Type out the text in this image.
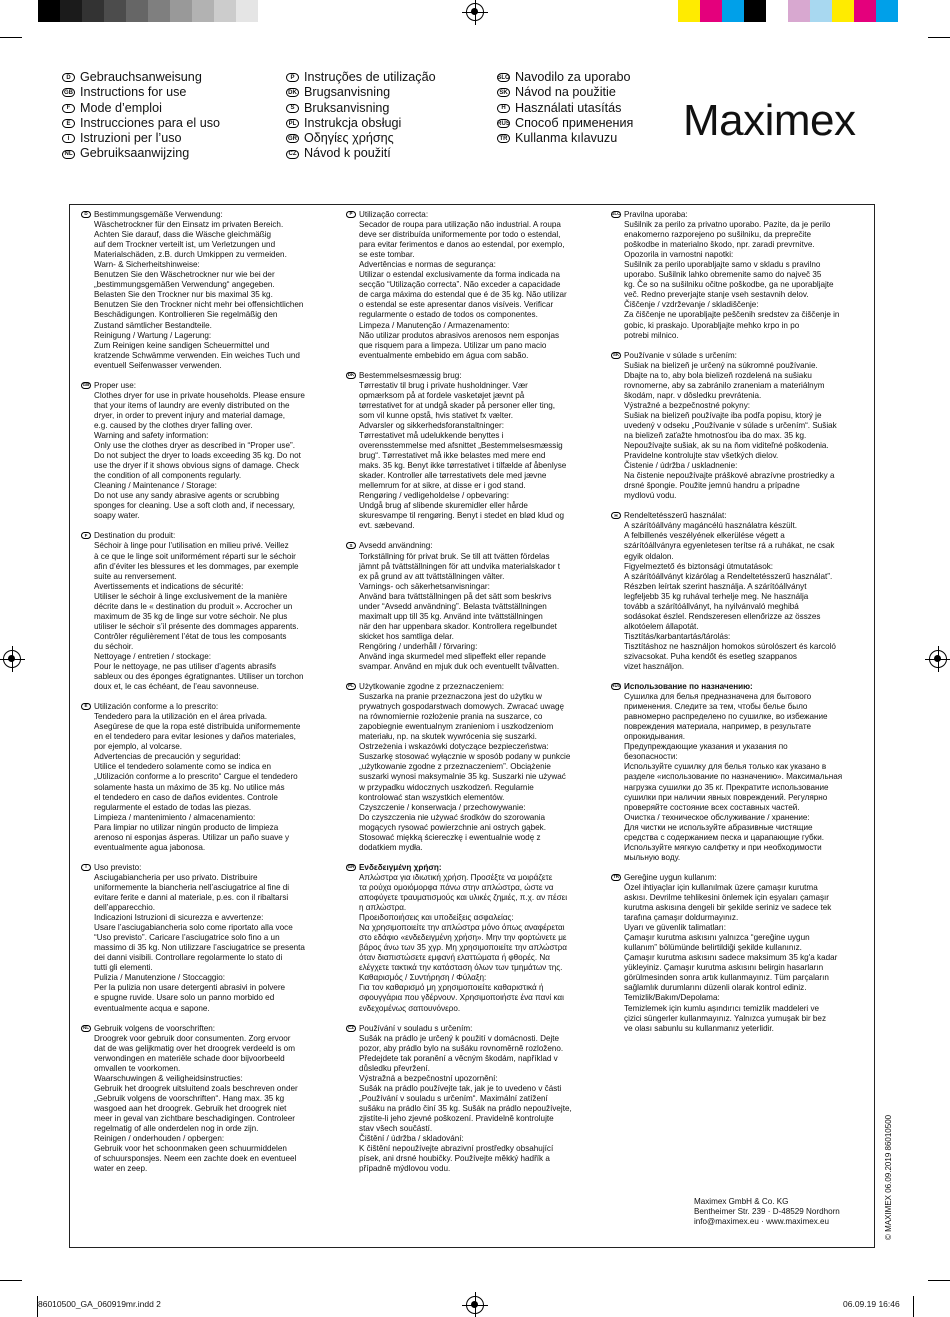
D Gebrauchsanweisung
GB Instructions for use
F Mode d’emploi
E Instrucciones para el uso
I Istruzioni per l’uso
NL Gebruiksaanwijzing
P Instruções de utilização
DK Brugsanvisning
S Bruksanvisning
PL Instrukcja obsługi
GR Οδηγίες χρήσης
CZ Návod k použití
SLO Navodilo za uporabo
SK Návod na použitie
H Használati utasítás
RUS Способ применения
TR Kullanma kılavuzu Maximex
D Bestimmungsgemäße Verwendung:
Wäschetrockner für den Einsatz im privaten Bereich.
Achten Sie darauf, dass die Wäsche gleichmäßig
auf dem Trockner verteilt ist, um Verletzungen und
Materialschäden, z.B. durch Umkippen zu vermeiden.
Warn- & Sicherheitshinweise:
Benutzen Sie den Wäschetrockner nur wie bei der
„bestimmungsgemäßen Verwendung“ angegeben.
Belasten Sie den Trockner nur bis maximal 35 kg.
Benutzen Sie den Trockner nicht mehr bei offensichtlichen
Beschädigungen. Kontrollieren Sie regelmäßig den
Zustand sämtlicher Bestandteile.
Reinigung / Wartung / Lagerung:
Zum Reinigen keine sandigen Scheuermittel und
kratzende Schwämme verwenden. Ein weiches Tuch und
eventuell Seifenwasser verwenden.
GB Proper use:
Clothes dryer for use in private households. Please ensure
that your items of laundry are evenly distributed on the
dryer, in order to prevent injury and material damage,
e.g. caused by the clothes dryer falling over.
Warning and safety information:
Only use the clothes dryer as described in “Proper use”.
Do not subject the dryer to loads exceeding 35 kg. Do not
use the dryer if it shows obvious signs of damage. Check
the condition of all components regularly.
Cleaning / Maintenance / Storage:
Do not use any sandy abrasive agents or scrubbing
sponges for cleaning. Use a soft cloth and, if necessary,
soapy water.
F Destination du produit:
Séchoir à linge pour l’utilisation en milieu privé. Veillez
à ce que le linge soit uniformément réparti sur le séchoir
afin d’éviter les blessures et les dommages, par exemple
suite au renversement.
Avertissements et indications de sécurité:
Utiliser le séchoir à linge exclusivement de la manière
décrite dans le « destination du produit ». Accrocher un
maximum de 35 kg de linge sur votre séchoir. Ne plus
utiliser le séchoir s’il présente des dommages apparents.
Contrôler régulièrement l’état de tous les composants
du séchoir.
Nettoyage / entretien / stockage:
Pour le nettoyage, ne pas utiliser d’agents abrasifs
sableux ou des éponges égratignantes. Utiliser un torchon
doux et, le cas échéant, de l’eau savonneuse.
E Utilización conforme a lo prescrito:
Tendedero para la utilización en el área privada.
Asegúrese de que la ropa esté distribuida uniformemente
en el tendedero para evitar lesiones y daños materiales,
por ejemplo, al volcarse.
Advertencias de precaución y seguridad:
Utilice el tendedero solamente como se indica en
„Utilización conforme a lo prescrito“ Cargue el tendedero
solamente hasta un máximo de 35 kg. No utilice más
el tendedero en caso de daños evidentes. Controle
regularmente el estado de todas las piezas.
Limpieza / mantenimiento / almacenamiento:
Para limpiar no utilizar ningún producto de limpieza
arenoso ni esponjas ásperas. Utilizar un paño suave y
eventualmente agua jabonosa.
I Uso previsto:
Asciugabiancheria per uso privato. Distribuire
uniformemente la biancheria nell’asciugatrice al fine di
evitare ferite e danni al materiale, p.es. con il ribaltarsi
dell’apparecchio.
Indicazioni Istruzioni di sicurezza e avvertenze:
Usare l’asciugabiancheria solo come riportato alla voce
“Uso previsto”. Caricare l’asciugatrice solo fino a un
massimo di 35 kg. Non utilizzare l’asciugatrice se presenta
dei danni visibili. Controllare regolarmente lo stato di
tutti gli elementi.
Pulizia / Manutenzione / Stoccaggio:
Per la pulizia non usare detergenti abrasivi in polvere
e spugne ruvide. Usare solo un panno morbido ed
eventualmente acqua e sapone.
NL Gebruik volgens de voorschriften:
Droogrek voor gebruik door consumenten. Zorg ervoor
dat de was gelijkmatig over het droogrek verdeeld is om
verwondingen en materiële schade door bijvoorbeeld
omvallen te voorkomen.
Waarschuwingen & veiligheidsinstructies:
Gebruik het droogrek uitsluitend zoals beschreven onder
„Gebruik volgens de voorschriften“. Hang max. 35 kg
wasgoed aan het droogrek. Gebruik het droogrek niet
meer in geval van zichtbare beschadigingen. Controleer
regelmatig of alle onderdelen nog in orde zijn.
Reinigen / onderhouden / opbergen:
Gebruik voor het schoonmaken geen schuurmiddelen
of schuursponsjes. Neem een zachte doek en eventueel
water en zeep.
P Utilização correcta:
Secador de roupa para utilização não industrial. A roupa
deve ser distribuída uniformemente por todo o estendal,
para evitar ferimentos e danos ao estendal, por exemplo,
se este tombar.
Advertências e normas de segurança:
Utilizar o estendal exclusivamente da forma indicada na
secção “Utilização correcta”. Não exceder a capacidade
de carga máxima do estendal que é de 35 kg. Não utilizar
o estendal se este apresentar danos visíveis. Verificar
regularmente o estado de todos os componentes.
Limpeza / Manutenção / Armazenamento:
Não utilizar produtos abrasivos arenosos nem esponjas
que risquem para a limpeza. Utilizar um pano macio
eventualmente embebido em água com sabão.
DK Bestemmelsesmæssig brug:
Tørrestativ til brug i private husholdninger. Vær
opmærksom på at fordele vasketøjet jævnt på
tørrestativet for at undgå skader på personer eller ting,
som vil kunne opstå, hvis stativet fx vælter.
Advarsler og sikkerhedsforanstaltninger:
Tørrestativet må udelukkende benyttes i
overensstemmelse med afsnittet „Bestemmelsesmæssig
brug“. Tørrestativet må ikke belastes med mere end
maks. 35 kg. Benyt ikke tørrestativet i tilfælde af åbenlyse
skader. Kontroller alle tørrestativets dele med jævne
mellemrum for at sikre, at disse er i god stand.
Rengøring / vedligeholdelse / opbevaring:
Undgå brug af slibende skuremidler eller hårde
skuresvampe til rengøring. Benyt i stedet en blød klud og
evt. sæbevand.
S Avsedd användning:
Torkställning för privat bruk. Se till att tvätten fördelas
jämnt på tvättställningen för att undvika materialskador t
ex på grund av att tvättställningen välter.
Varnings- och säkerhetsanvisningar:
Använd bara tvättställningen på det sätt som beskrivs
under “Avsedd användning”. Belasta tvättställningen
maximalt upp till 35 kg. Använd inte tvättställningen
när den har uppenbara skador. Kontrollera regelbundet
skicket hos samtliga delar.
Rengöring / underhåll / förvaring:
Använd inga skurmedel med slipeffekt eller repande
svampar. Använd en mjuk duk och eventuellt tvålvatten.
PL Użytkowanie zgodne z przeznaczeniem:
Suszarka na pranie przeznaczona jest do użytku w
prywatnych gospodarstwach domowych. Zwracać uwagę
na równomiernie rozłożenie prania na suszarce, co
zapobiegnie ewentualnym zranieniom i uszkodzeniom
materiału, np. na skutek wywrócenia się suszarki.
Ostrzeżenia i wskazówki dotyczące bezpieczeństwa:
Suszarkę stosować wyłącznie w sposób podany w punkcie
„użytkowanie zgodne z przeznaczeniem”. Obciążenie
suszarki wynosi maksymalnie 35 kg. Suszarki nie używać
w przypadku widocznych uszkodzeń. Regularnie
kontrolować stan wszystkich elementów.
Czyszczenie / konserwacja / przechowywanie:
Do czyszczenia nie używać środków do szorowania
mogących rysować powierzchnie ani ostrych gąbek.
Stosować miękką ściereczkę i ewentualnie wodę z
dodatkiem mydła.
GR Ενδεδειγμένη χρήση:
Απλώστρα για ιδιωτική χρήση. Προσέξτε να μοιράζετε
τα ρούχα ομοιόμορφα πάνω στην απλώστρα, ώστε να
αποφύγετε τραυματισμούς και υλικές ζημιές, π.χ. αν πέσει
η απλώστρα.
Προειδοποιήσεις και υποδείξεις ασφαλείας:
Να χρησιμοποιείτε την απλώστρα μόνο όπως αναφέρεται
στο εδάφιο «ενδεδειγμένη χρήση». Μην την φορτώνετε με
βάρος άνω των 35 χγρ. Μη χρησιμοποιείτε την απλώστρα
όταν διαπιστώσετε εμφανή ελαττώματα ή φθορές. Να
ελέγχετε τακτικά την κατάσταση όλων των τμημάτων της.
Καθαρισμός / Συντήρηση / Φύλαξη:
Για τον καθαρισμό μη χρησιμοποιείτε καθαριστικά ή
σφουγγάρια που γδέρνουν. Χρησιμοποιήστε ένα πανί και
ενδεχομένως σαπουνόνερο.
CZ Používání v souladu s určením:
Sušák na prádlo je určený k použití v domácnosti. Dejte
pozor, aby prádlo bylo na sušáku rovnoměrně rozloženo.
Předejdete tak poranění a věcným škodám, například v
důsledku převržení.
Výstražná a bezpečnostní upozornění:
Sušák na prádlo používejte tak, jak je to uvedeno v části
„Používání v souladu s určením“. Maximální zatížení
sušáku na prádlo činí 35 kg. Sušák na prádlo nepoužívejte,
zjistíte-li jeho zjevné poškození. Pravidelně kontrolujte
stav všech součástí.
Čištění / údržba / skladování:
K čištění nepoužívejte abrazivní prostředky obsahující
písek, ani drsné houbičky. Používejte měkký hadřík a
případně mýdlovou vodu.
SLO Pravilna uporaba:
Sušilnik za perilo za privatno uporabo. Pazite, da je perilo
enakomerno razporejeno po sušilniku, da preprečite
poškodbe in materialno škodo, npr. zaradi prevrnitve.
Opozorila in varnostni napotki:
Sušilnik za perilo uporabljajte samo v skladu s pravilno
uporabo. Sušilnik lahko obremenite samo do največ 35
kg. Če so na sušilniku očitne poškodbe, ga ne uporabljajte
več. Redno preverjajte stanje vseh sestavnih delov.
Čiščenje / vzdrževanje / skladiščenje:
Za čiščenje ne uporabljajte peščenih sredstev za čiščenje in
gobic, ki praskajo. Uporabljajte mehko krpo in po
potrebi milnico.
SK Používanie v súlade s určením:
Sušiak na bielizeň je určený na súkromné používanie.
Dbajte na to, aby bola bielizeň rozdelená na sušiaku
rovnomerne, aby sa zabránilo zraneniam a materiálnym
škodám, napr. v dôsledku prevrátenia.
Výstražné a bezpečnostné pokyny:
Sušiak na bielizeň používajte iba podľa popisu, ktorý je
uvedený v odseku „Používanie v súlade s určením“. Sušiak
na bielizeň zaťažte hmotnosťou iba do max. 35 kg.
Nepoužívajte sušiak, ak su na ňom viditeľné poškodenia.
Pravidelne kontrolujte stav všetkých dielov.
Čistenie / údržba / uskladnenie:
Na čistenie nepoužívajte práškové abrazívne prostriedky a
drsné špongie. Použite jemnú handru a prípadne
mydlovú vodu.
H Rendeltetésszerű használat:
A szárítóállvány magáncélú használatra készült.
A felbillenés veszélyének elkerülése végett a
szárítóállványra egyenletesen terítse rá a ruhákat, ne csak
egyik oldalon.
Figyelmeztető és biztonsági útmutatások:
A szárítóállványt kizárólag a Rendeltetésszerű használat”.
Részben leírtak szerint használja. A szárítóállványt
legfeljebb 35 kg ruhával terhelje meg. Ne használja
tovább a szárítóállványt, ha nyilvánvaló meghibá
sodásokat észlel. Rendszeresen ellenőrizze az összes
alkotóelem állapotát.
Tisztítás/karbantartás/tárolás:
Tisztításhoz ne használjon homokos súrolószert és karcoló
szivacsokat. Puha kendőt és esetleg szappanos
vizet használjon.
RUS Использование по назначению:
Сушилка для белья предназначена для бытового
применения. Следите за тем, чтобы белье было
равномерно распределено по сушилке, во избежание
повреждения материала, например, в результате
опрокидывания.
Предупреждающие указания и указания по
безопасности:
Используйте сушилку для белья только как указано в
разделе «использование по назначению». Максимальная
нагрузка сушилки до 35 кг. Прекратите использование
сушилки при наличии явных повреждений. Регулярно
проверяйте состояние всех составных частей.
Очистка / техническое обслуживание / хранение:
Для чистки не используйте абразивные чистящие
средства с содержанием песка и царапающие губки.
Используйте мягкую салфетку и при необходимости
мыльную воду.
TR Gereğine uygun kullanım:
Özel ihtiyaçlar için kullanılmak üzere çamaşır kurutma
askısı. Devrilme tehlikesini önlemek için eşyaları çamaşır
kurutma askısına dengeli bir şekilde seriniz ve sadece tek
tarafına çamaşır doldurmayınız.
Uyarı ve güvenlik talimatları:
Çamaşır kurutma askısını yalnızca “gereğine uygun
kullanım” bölümünde belirtildiği şekilde kullanınız.
Çamaşır kurutma askısını sadece maksimum 35 kg'a kadar
yükleyiniz. Çamaşır kurutma askısını belirgin hasarların
görülmesinden sonra artık kullanmayınız. Tüm parçaların
sağlamlık durumlarını düzenli olarak kontrol ediniz.
Temizlik/Bakım/Depolama:
Temizlemek için kumlu aşındırıcı temizlik maddeleri ve
çizici süngerler kullanmayınız. Yalnızca yumuşak bir bez
ve olası sabunlu su kullanmanız yeterlidir.
Maximex GmbH & Co. KG
Bentheimer Str. 239 · D-48529 Nordhorn
info@maximex.eu · www.maximex.eu	© MAXIMEX 06.09.2019 86010500
86010500_GA_060919mr.indd 2	06.09.19 16:46
